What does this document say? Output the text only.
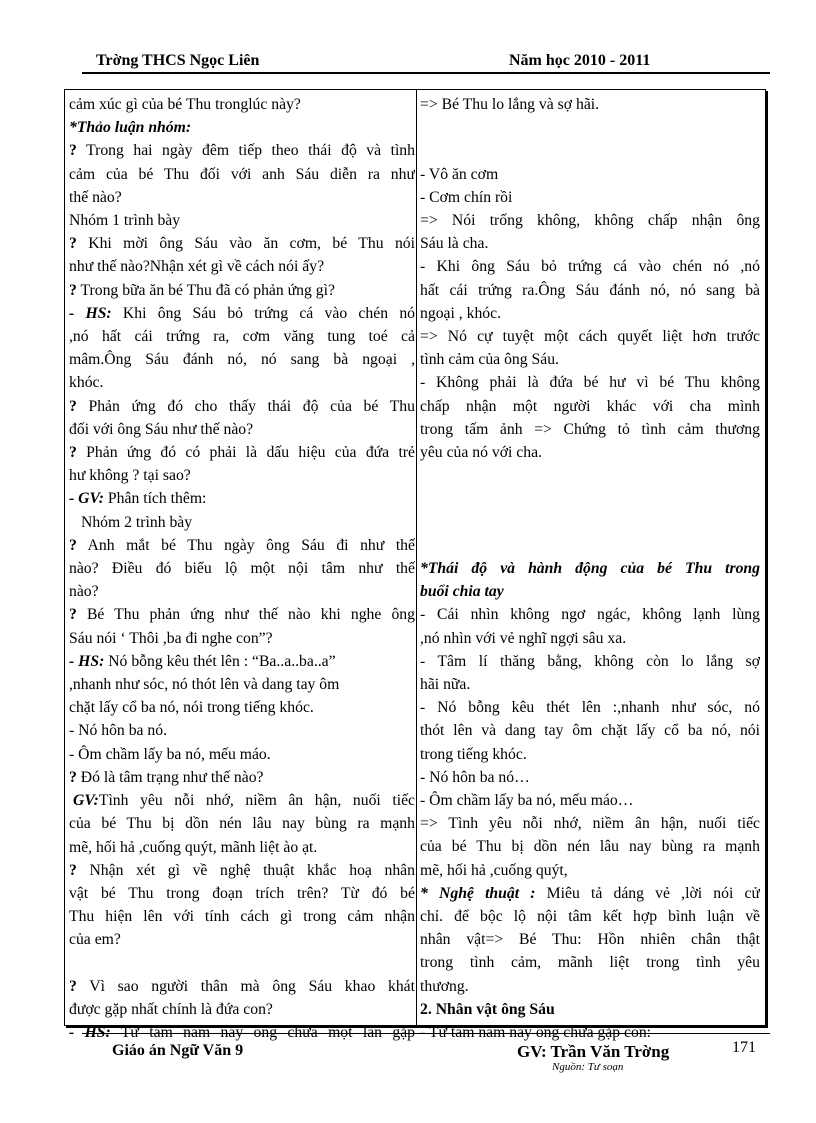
Trờng THCS Ngọc Liên	Năm học 2010 - 2011
cảm xúc gì của bé Thu tronglúc này?
*Thảo luận nhóm:
? Trong hai ngày đêm tiếp theo thái độ và tình
cảm của bé Thu đối với anh Sáu diễn ra như
thế nào?
Nhóm 1 trình bày
? Khi mời ông Sáu vào ăn cơm, bé Thu nói
như thế nào?Nhận xét gì về cách nói ấy?
? Trong bữa ăn bé Thu đã có phản ứng gì?
- HS: Khi ông Sáu bỏ trứng cá vào chén nó
,nó hất cái trứng ra, cơm văng tung toé cả
mâm.Ông Sáu đánh nó, nó sang bà ngoại ,
khóc.
? Phản ứng đó cho thấy thái độ của bé Thu
đối với ông Sáu như thế nào?
? Phản ứng đó có phải là dấu hiệu của đứa trẻ
hư không ? tại sao?
- GV: Phân tích thêm:
Nhóm 2 trình bày
? Anh mắt bé Thu ngày ông Sáu đi như thế
nào? Điều đó biểu lộ một nội tâm như thế
nào?
? Bé Thu phản ứng như thế nào khi nghe ông
Sáu nói ‘ Thôi ,ba đi nghe con”?
- HS: Nó bỗng kêu thét lên : “Ba..a..ba..a”
,nhanh như sóc, nó thót lên và dang tay ôm
chặt lấy cổ ba nó, nói trong tiếng khóc.
- Nó hôn ba nó.
- Ôm chầm lấy ba nó, mếu máo.
? Đó là tâm trạng như thế nào?
GV:Tình yêu nỗi nhớ, niềm ân hận, nuối tiếc
của bé Thu bị dồn nén lâu nay bùng ra mạnh
mẽ, hối hả ,cuống quýt, mãnh liệt ào ạt.
? Nhận xét gì về nghệ thuật khắc hoạ nhân
vật bé Thu trong đoạn trích trên? Từ đó bé
Thu hiện lên với tính cách gì trong cảm nhận
của em?
? Vì sao người thân mà ông Sáu khao khát
được gặp nhất chính là đứa con?
- HS: Từ tám năm nay ông chưa một lần gặp
=> Bé Thu lo lắng và sợ hãi.
- Vô ăn cơm
- Cơm chín rồi
=> Nói trống không, không chấp nhận ông
Sáu là cha.
- Khi ông Sáu bỏ trứng cá vào chén nó ,nó
hất cái trứng ra.Ông Sáu đánh nó, nó sang bà
ngoại , khóc.
=> Nó cự tuyệt một cách quyết liệt hơn trước
tình cảm của ông Sáu.
- Không phải là đứa bé hư vì bé Thu không
chấp nhận một người khác với cha mình
trong tấm ảnh => Chứng tỏ tình cảm thương
yêu của nó với cha.
*Thái độ và hành động của bé Thu trong
buổi chia tay
- Cái nhìn không ngơ ngác, không lạnh lùng
,nó nhìn với vẻ nghĩ ngợi sâu xa.
- Tâm lí thăng bằng, không còn lo lắng sợ
hãi nữa.
- Nó bỗng kêu thét lên :,nhanh như sóc, nó
thót lên và dang tay ôm chặt lấy cổ ba nó, nói
trong tiếng khóc.
- Nó hôn ba nó…
- Ôm chầm lấy ba nó, mếu máo…
=> Tình yêu nỗi nhớ, niềm ân hận, nuối tiếc
của bé Thu bị dồn nén lâu nay bùng ra mạnh
mẽ, hối hả ,cuống quýt,
* Nghệ thuật : Miêu tả dáng vẻ ,lời nói cử
chỉ. để bộc lộ nội tâm kết hợp bình luận về
nhân vật=> Bé Thu: Hồn nhiên chân thật
trong tình cảm, mãnh liệt trong tình yêu
thương.
2. Nhân vật ông Sáu
- Từ tám năm nay ông chưa gặp con:
Giáo án Ngữ Văn 9	GV: Trần Văn Trờng
Nguồn: Tư soạn
171
